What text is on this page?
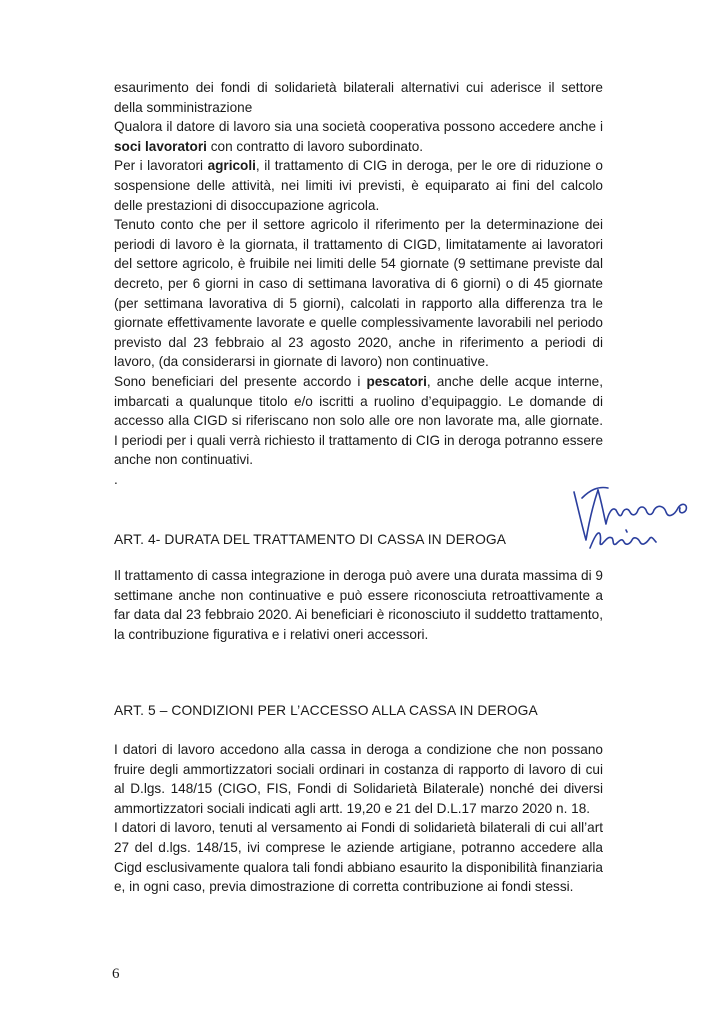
esaurimento dei fondi di solidarietà bilaterali alternativi cui aderisce il settore della somministrazione

Qualora il datore di lavoro sia una società cooperativa possono accedere anche i soci lavoratori con contratto di lavoro subordinato.

Per i lavoratori agricoli, il trattamento di CIG in deroga, per le ore di riduzione o sospensione delle attività, nei limiti ivi previsti, è equiparato ai fini del calcolo delle prestazioni di disoccupazione agricola.

Tenuto conto che per il settore agricolo il riferimento per la determinazione dei periodi di lavoro è la giornata, il trattamento di CIGD, limitatamente ai lavoratori del settore agricolo, è fruibile nei limiti delle 54 giornate (9 settimane previste dal decreto, per 6 giorni in caso di settimana lavorativa di 6 giorni) o di 45 giornate (per settimana lavorativa di 5 giorni), calcolati in rapporto alla differenza tra le giornate effettivamente lavorate e quelle complessivamente lavorabili nel periodo previsto dal 23 febbraio al 23 agosto 2020, anche in riferimento a periodi di lavoro, (da considerarsi in giornate di lavoro) non continuative.

Sono beneficiari del presente accordo i pescatori, anche delle acque interne, imbarcati a qualunque titolo e/o iscritti a ruolino d’equipaggio. Le domande di accesso alla CIGD si riferiscano non solo alle ore non lavorate ma, alle giornate. I periodi per i quali verrà richiesto il trattamento di CIG in deroga potranno essere anche non continuativi.

.

ART. 4- DURATA DEL TRATTAMENTO DI CASSA IN DEROGA

Il trattamento di cassa integrazione in deroga può avere una durata massima di 9 settimane anche non continuative e può essere riconosciuta retroattivamente a far data dal 23 febbraio 2020. Ai beneficiari è riconosciuto il suddetto trattamento, la contribuzione figurativa e i relativi oneri accessori.

ART. 5 – CONDIZIONI PER L’ACCESSO ALLA CASSA IN DEROGA

I datori di lavoro accedono alla cassa in deroga a condizione che non possano fruire degli ammortizzatori sociali ordinari in costanza di rapporto di lavoro di cui al D.lgs. 148/15 (CIGO, FIS, Fondi di Solidarietà Bilaterale) nonché dei diversi ammortizzatori sociali indicati agli artt. 19,20 e 21 del D.L.17 marzo 2020 n. 18.

I datori di lavoro, tenuti al versamento ai Fondi di solidarietà bilaterali di cui all’art 27 del d.lgs. 148/15, ivi comprese le aziende artigiane, potranno accedere alla Cigd esclusivamente qualora tali fondi abbiano esaurito la disponibilità finanziaria e, in ogni caso, previa dimostrazione di corretta contribuzione ai fondi stessi.

6
